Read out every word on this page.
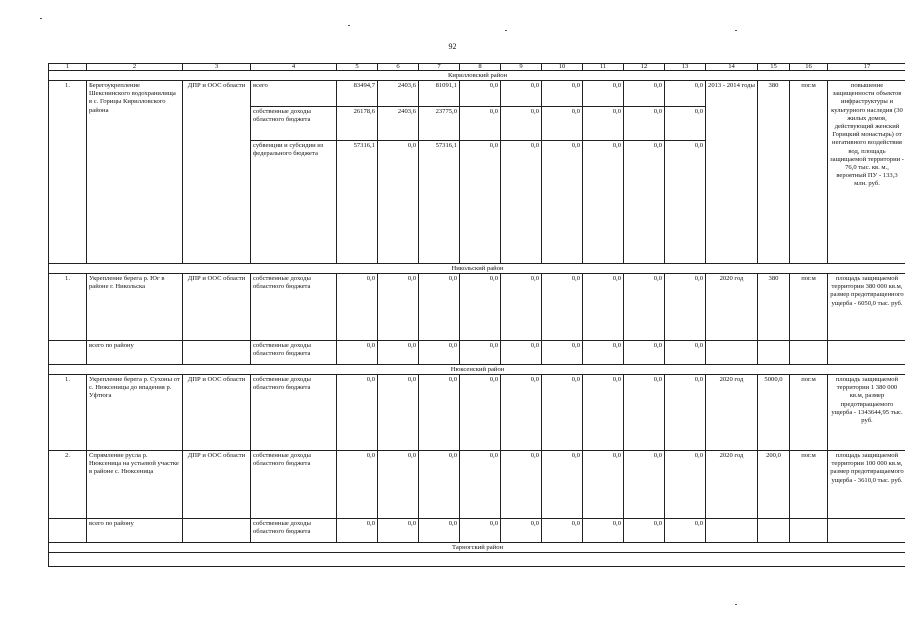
92
1	2	3	4	5	6	7	8	9	10	11	12	13	14	15	16	17
Кирилловский район																
1.	Берегоукрепление Шекснинского водохранилища в с. Горицы Кирилловского района	ДПР и ООС области	всего	83494,7	2403,6	81091,1	0,0	0,0	0,0	0,0	0,0	0,0	2013 - 2014 годы	380	пог.м	повышение защищенности объектов инфраструктуры и культурного наследия (30 жилых домов, действующий женский Горицкий монастырь) от негативного воздействия вод, площадь защищаемой территории - 76,0 тыс. кв. м., вероятный ПУ - 133,3 млн. руб.
			собственные доходы областного бюджета	26178,6	2403,6	23775,0	0,0	0,0	0,0	0,0	0,0	0,0				
			субвенции и субсидии из федерального бюджета	57316,1	0,0	57316,1	0,0	0,0	0,0	0,0	0,0	0,0				
Никольский район																
1.	Укрепление берега р. Юг в районе г. Никольска	ДПР и ООС области	собственные доходы областного бюджета	0,0	0,0	0,0	0,0	0,0	0,0	0,0	0,0	0,0	2020 год	380	пог.м	площадь защищаемой территории 380 000 кв.м, размер предотвращенного ущерба - 6050,0 тыс. руб.
	всего по району		собственные доходы областного бюджета	0,0	0,0	0,0	0,0	0,0	0,0	0,0	0,0	0,0				
Нюксенский район																
1.	Укрепление берега р. Сухоны от с. Нюксеницы до впадения р. Уфтюга	ДПР и ООС области	собственные доходы областного бюджета	0,0	0,0	0,0	0,0	0,0	0,0	0,0	0,0	0,0	2020 год	5000,0	пог.м	площадь защищаемой территории 1 380 000 кв.м, размер предотвращаемого ущерба - 1343644,95 тыс. руб.
2.	Спрямление русла р. Нюксеница на устьевой участке в районе с. Нюксеница	ДПР и ООС области	собственные доходы областного бюджета	0,0	0,0	0,0	0,0	0,0	0,0	0,0	0,0	0,0	2020 год	200,0	пог.м	площадь защищаемой территории 100 000 кв.м, размер предотвращаемого ущерба - 3610,0 тыс. руб.
	всего по району		собственные доходы областного бюджета	0,0	0,0	0,0	0,0	0,0	0,0	0,0	0,0	0,0				
Тарногский район																
